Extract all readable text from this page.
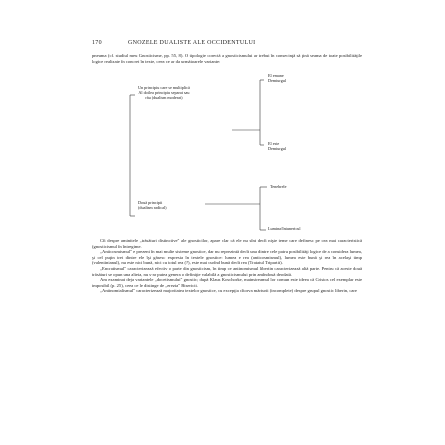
170	GNOZELE DUALISTE ALE OCCIDENTULUI

pneuma (cf. studiul meu Gnosticisme, pp. 55, 8). O tipologie corectă a gnosticismului ar trebui în consecinţă să ţină seama de toate posibilităţile logice realizate în concret în texte, ceea ce ar da următoarele variante:

Un principiu care se multiplică
Al doilea principiu separat sau
rău (dualism moderat)
Două principii
(dualism radical)
El emane
Demiurgul
El este
Demiurgul
Tenebrele
Lumina/Intunericul

Cît despre aminitele „trăsături distinctive" ale gnosticilor, apare clar că ele nu sînt decît nişte teme care definesc pe cea mai caracteristică (gnosticismul în întregime.

„Anticosmismul" e prezent în mai multe sisteme gnostice, dar nu reprezintă decît una dintre cele patru posibilităţi logice de a considera lumea, şi cel puţin trei dintre ele îşi găsesc expresia în textele gnostice: lumea e rea (anticosmismul), lumea este bună şi rea în acelaşi timp (valentinianul), nu este nici bună, nici cu totul rea (?), este mai curînd bună decît rea (Tratatul Tripartit).

„Encratismul" caracterizează efectiv o parte din gnosticism, în timp ce antinomismul libertin caracterizează altă parte. Pentru că aceste două trăsături se opun una alteia, nu s-ar putea genera o definiţie valabilă a gnosticismului prin amîndouă deodată.

Am examinat deja variantele „docetismului" gnostic; după Klaus Koschorke, mainstreamul lor comun este ideea că Cristos cel exemplar este imposibil (p. 25), ceea ce le distinge de „erezia" Bisericii.

„Antinomialismul" caracterizează majoritatea textelor gnostice, cu excepţia cîtorva mărturii (incomplete) despre grupul gnostic liberin, care
